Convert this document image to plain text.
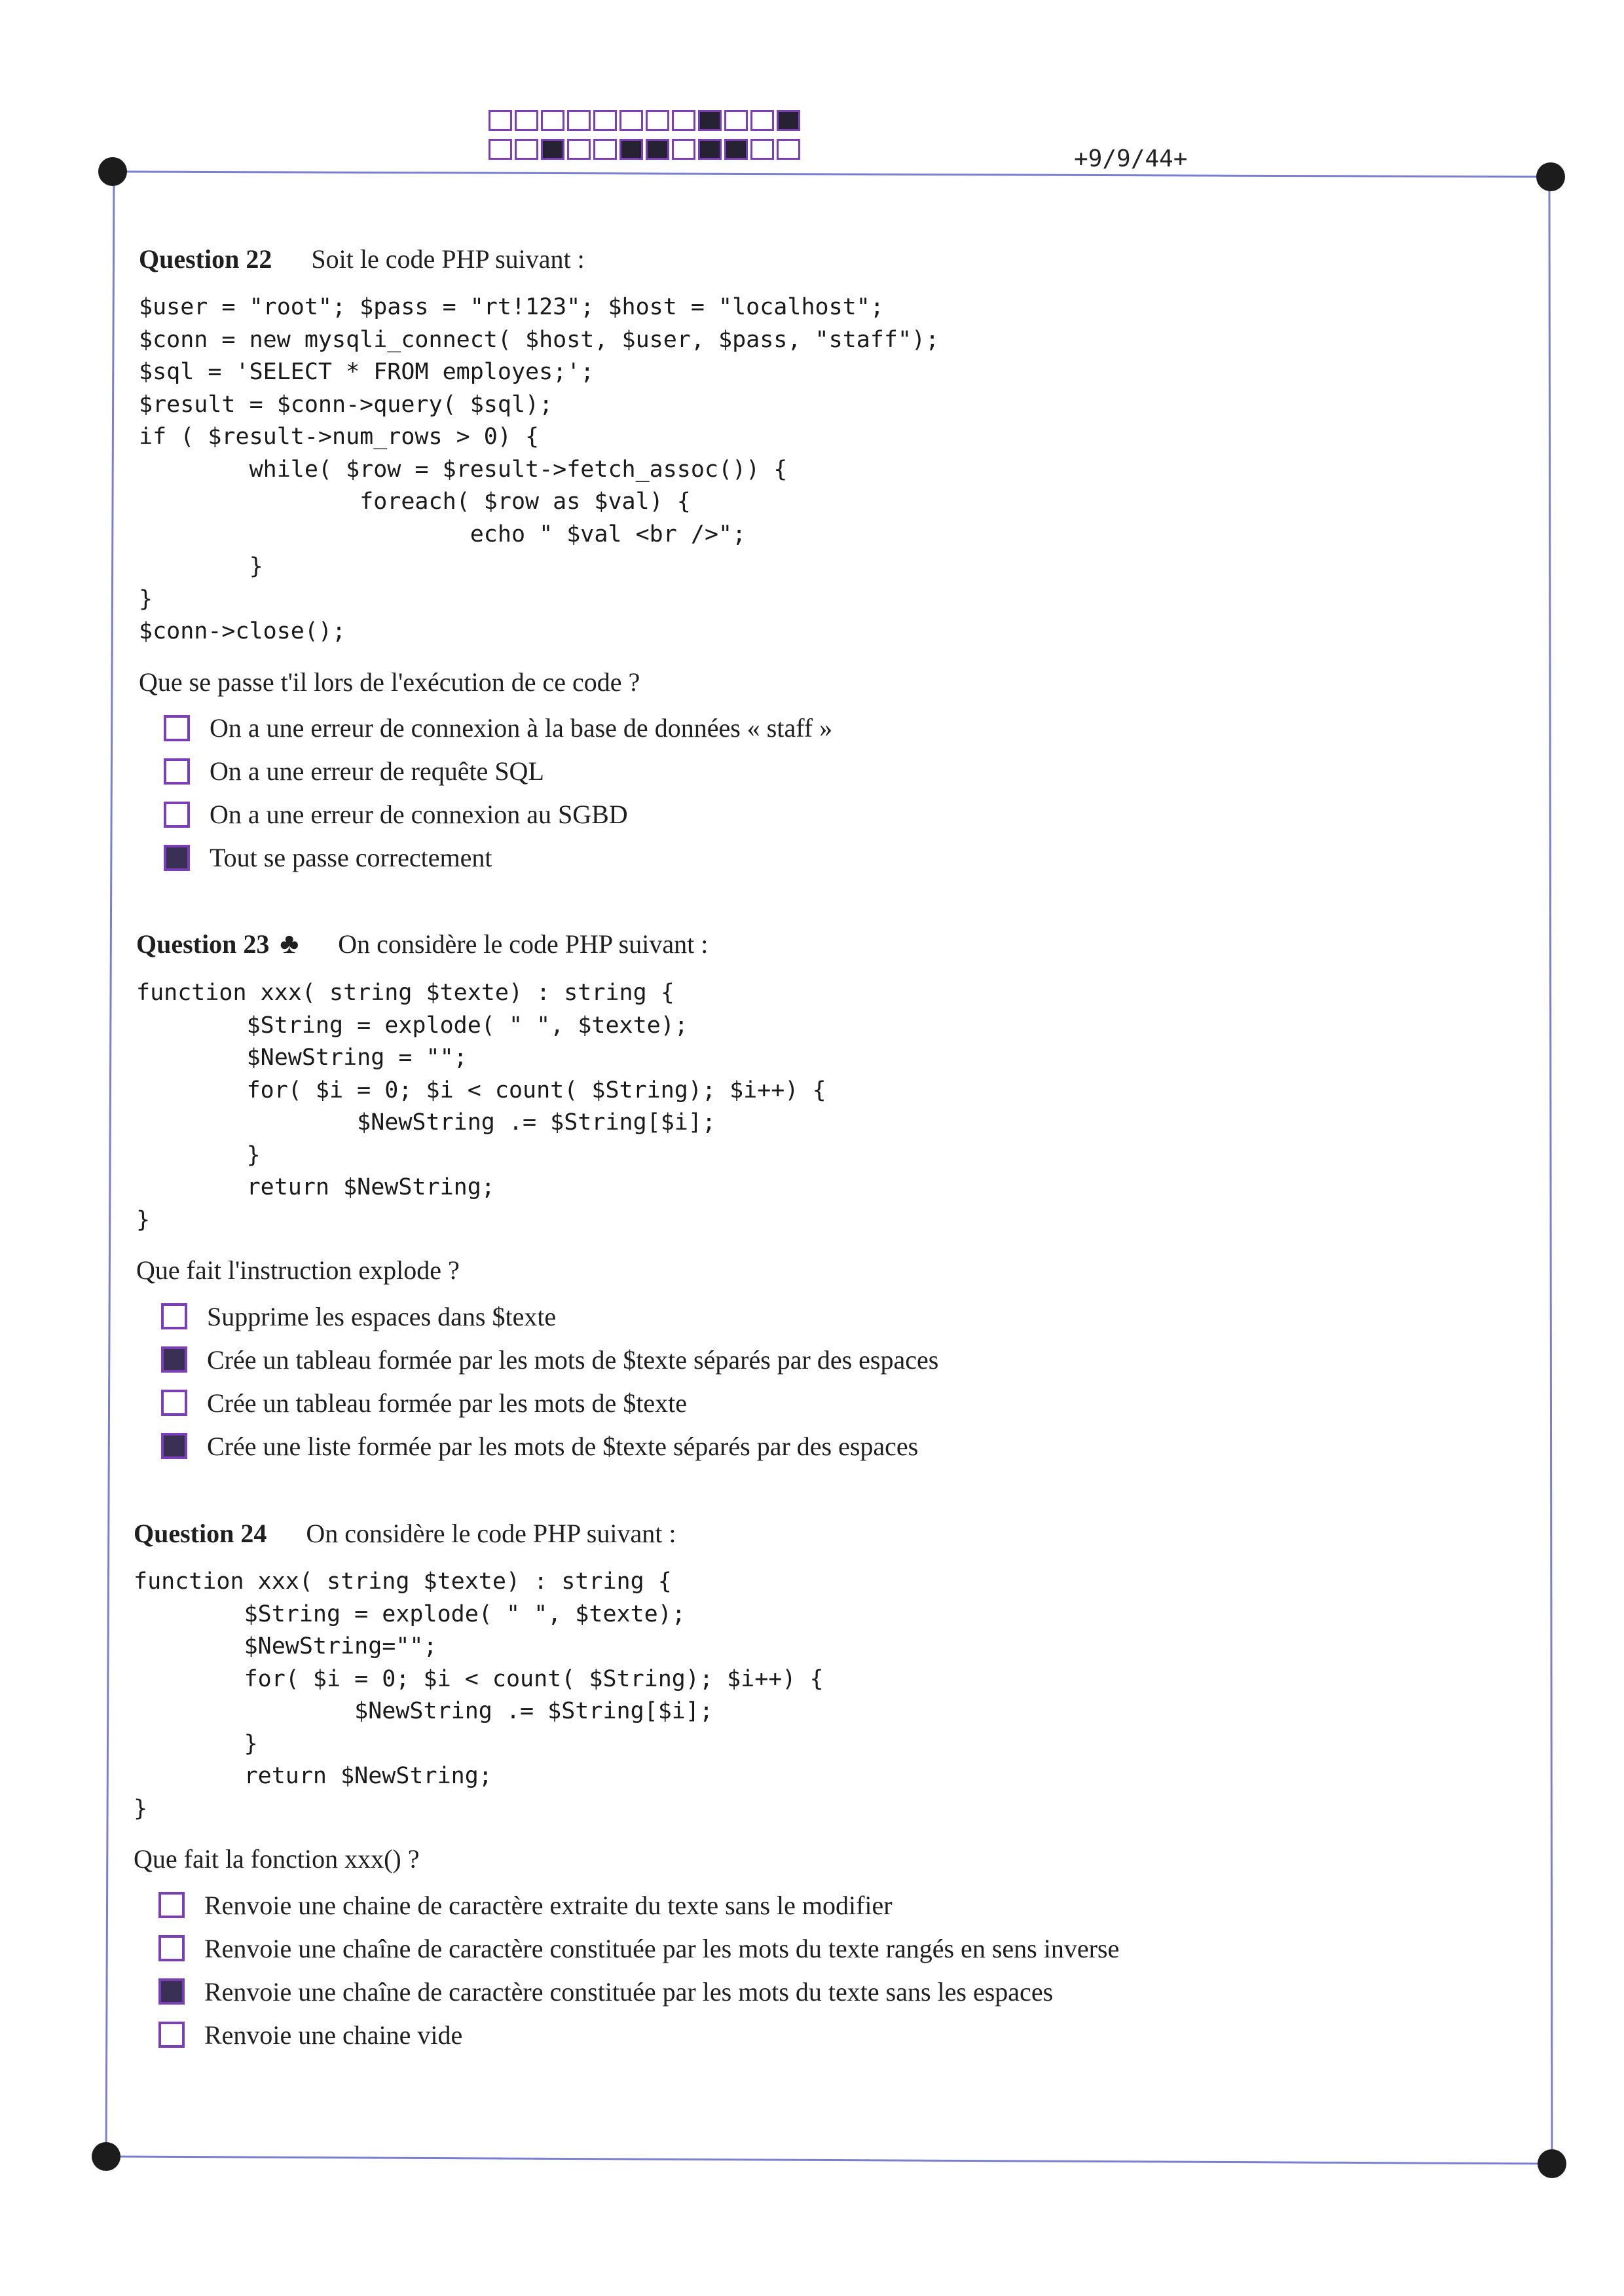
+9/9/44+
Question 22 Soit le code PHP suivant :
$user = "root"; $pass = "rt!123"; $host = "localhost";
$conn = new mysqli_connect( $host, $user, $pass, "staff");
$sql = 'SELECT * FROM employes;';
$result = $conn->query( $sql);
if ( $result->num_rows > 0) {
while( $row = $result->fetch_assoc()) {
foreach( $row as $val) {
echo " $val <br />";
}
}
$conn->close();
Que se passe t'il lors de l'exécution de ce code ?
On a une erreur de connexion à la base de données « staff »
On a une erreur de requête SQL
On a une erreur de connexion au SGBD
Tout se passe correctement
Question 23 ♣ On considère le code PHP suivant :
function xxx( string $texte) : string {
$String = explode( " ", $texte);
$NewString = "";
for( $i = 0; $i < count( $String); $i++) {
$NewString .= $String[$i];
}
return $NewString;
}
Que fait l'instruction explode ?
Supprime les espaces dans $texte
Crée un tableau formée par les mots de $texte séparés par des espaces
Crée un tableau formée par les mots de $texte
Crée une liste formée par les mots de $texte séparés par des espaces
Question 24 On considère le code PHP suivant :
function xxx( string $texte) : string {
$String = explode( " ", $texte);
$NewString="";
for( $i = 0; $i < count( $String); $i++) {
$NewString .= $String[$i];
}
return $NewString;
}
Que fait la fonction xxx() ?
Renvoie une chaine de caractère extraite du texte sans le modifier
Renvoie une chaîne de caractère constituée par les mots du texte rangés en sens inverse
Renvoie une chaîne de caractère constituée par les mots du texte sans les espaces
Renvoie une chaine vide
